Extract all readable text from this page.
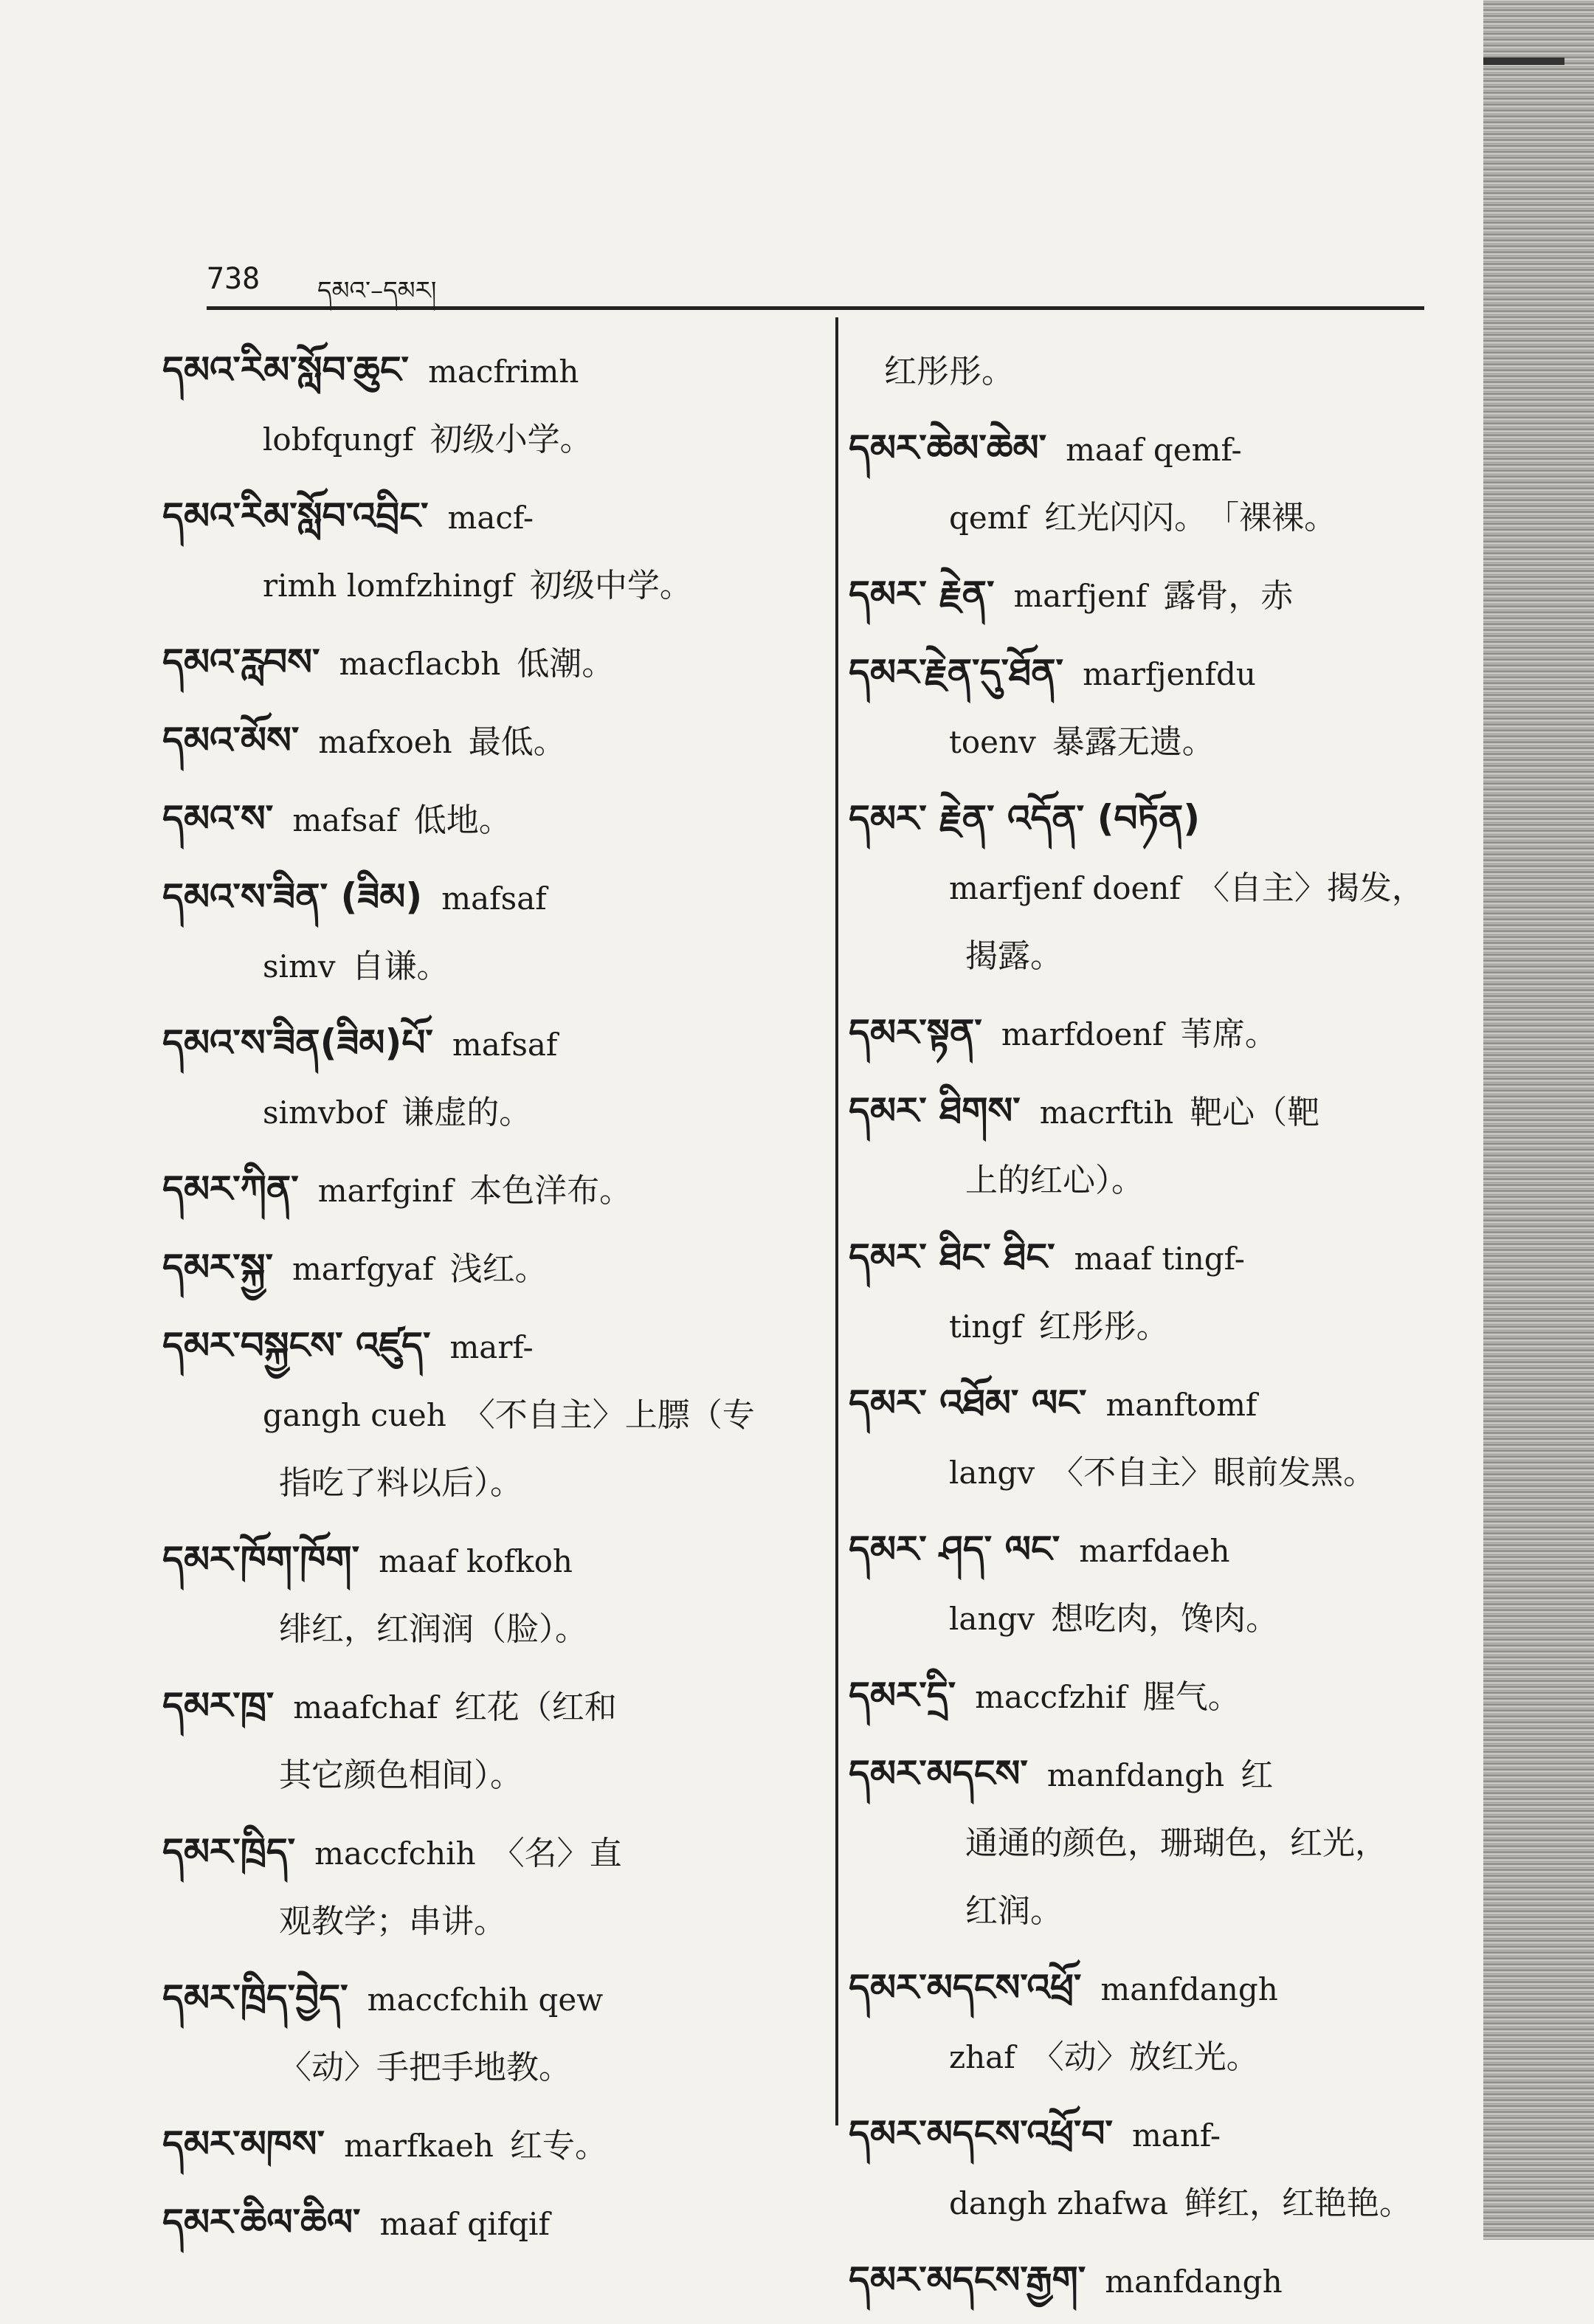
738 དམའ་–དམར།
དམའ་རིམ་སློབ་ཆུང་ macfrimh
lobfqungf 初级小学。
དམའ་རིམ་སློབ་འབྲིང་ macf-
rimh lomfzhingf 初级中学。
དམའ་རླབས་ macflacbh 低潮。
དམའ་མོས་ mafxoeh 最低。
དམའ་ས་ mafsaf 低地。
དམའ་ས་ཟིན་ (ཟིམ) mafsaf
simv 自谦。
དམའ་ས་ཟིན(ཟིམ)པོ་ mafsaf
simvbof 谦虚的。
དམར་ཀིན་ marfginf 本色洋布。
དམར་སྐྱ་ marfgyaf 浅红。
དམར་བསྐྱངས་ འཛུད་ marf-
gangh cueh 〈不自主〉上膘（专
指吃了料以后）。
དམར་ཁོག་ཁོག་ maaf kofkoh
绯红，红润润（脸）。
དམར་ཁྲ་ maafchaf 红花（红和
其它颜色相间）。
དམར་ཁྲིད་ maccfchih 〈名〉直
观教学；串讲。
དམར་ཁྲིད་བྱེད་ maccfchih qew
〈动〉手把手地教。
དམར་མཁས་ marfkaeh 红专。
དམར་ཆིལ་ཆིལ་ maaf qifqif
红彤彤。
དམར་ཆེམ་ཆེམ་ maaf qemf-
qemf 红光闪闪。　「裸裸。
དམར་ རྗེན་ marfjenf 露骨，赤
དམར་རྗེན་དུ་ཐོན་ marfjenfdu
toenv 暴露无遗。
དམར་ རྗེན་ འདོན་ (བཏོན)
marfjenf doenf 〈自主〉揭发，
揭露。
དམར་སྟན་ marfdoenf 苇席。
དམར་ ཐིགས་ macrftih 靶心（靶
上的红心）。
དམར་ ཐིང་ ཐིང་ maaf tingf-
tingf 红彤彤。
དམར་ འཐོམ་ ལང་ manftomf
langv 〈不自主〉眼前发黑。
དམར་ ཤད་ ལང་ marfdaeh
langv 想吃肉，馋肉。
དམར་དྲི་ maccfzhif 腥气。
དམར་མདངས་ manfdangh 红
通通的颜色，珊瑚色，红光，
红润。
དམར་མདངས་འཕྲོ་ manfdangh
zhaf 〈动〉放红光。
དམར་མདངས་འཕྲོ་བ་ manf-
dangh zhafwa 鲜红，红艳艳。
དམར་མདངས་རྒྱག་ manfdangh
